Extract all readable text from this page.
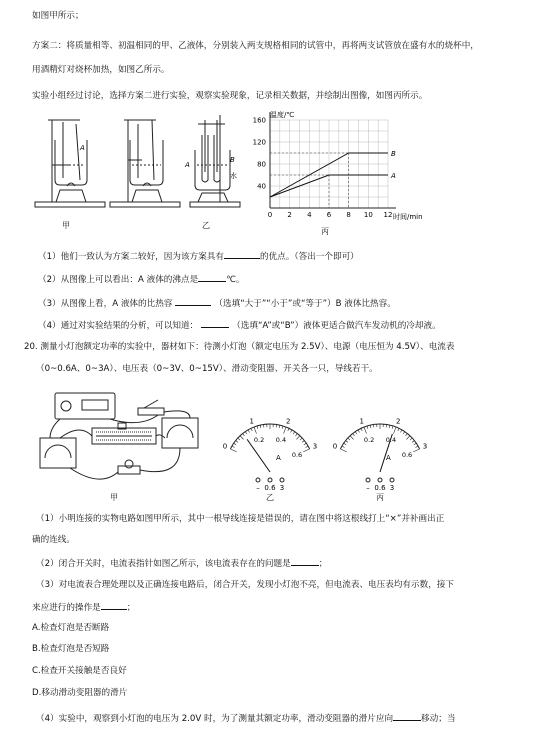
如图甲所示；
方案二：将质量相等、初温相同的甲、乙液体，分别装入两支规格相同的试管中，再将两支试管放在盛有水的烧杯中，
用酒精灯对烧杯加热，如图乙所示。
实验小组经过讨论，选择方案二进行实验，观察实验现象，记录相关数据，并绘制出图像，如图丙所示。
A
A
B
水
160
120
80
40
0 2 4 6 8 10 12
A
B
温度/℃
时间/min
甲	乙
丙
（1）他们一致认为方案二较好，因为该方案具有	的优点。（答出一个即可）
（2）从图像上可以看出：A 液体的沸点是	℃。
（3）从图像上看，A 液体的比热容	（选填“大于”“小于”或“等于”）B 液体比热容。
（4）通过对实验结果的分析，可以知道：	（选填“A”或“B”）液体更适合做汽车发动机的冷却液。
20. 测量小灯泡额定功率的实验中，器材如下：待测小灯泡（额定电压为 2.5V）、电源（电压恒为 4.5V）、电流表
（0~0.6A、0~3A）、电压表（0~3V、0~15V）、滑动变阻器、开关各一只，导线若干。
0
1	2
3
0.2 0.4
0.6
A
– 0.6 3
0
1	2
3
0.2 0.4
0.6
A
– 0.6 3
甲	乙	丙
（1）小明连接的实物电路如图甲所示，其中一根导线连接是错误的，请在图中将这根线打上“×”并补画出正
确的连线。
（2）闭合开关时，电流表指针如图乙所示，该电流表存在的问题是	；
（3）对电流表合理处理以及正确连接电路后，闭合开关，发现小灯泡不亮，但电流表、电压表均有示数，接下
来应进行的操作是	；
A.检查灯泡是否断路
B.检查灯泡是否短路
C.检查开关接触是否良好
D.移动滑动变阻器的滑片
（4）实验中，观察到小灯泡的电压为 2.0V 时，为了测量其额定功率，滑动变阻器的滑片应向	移动；当
